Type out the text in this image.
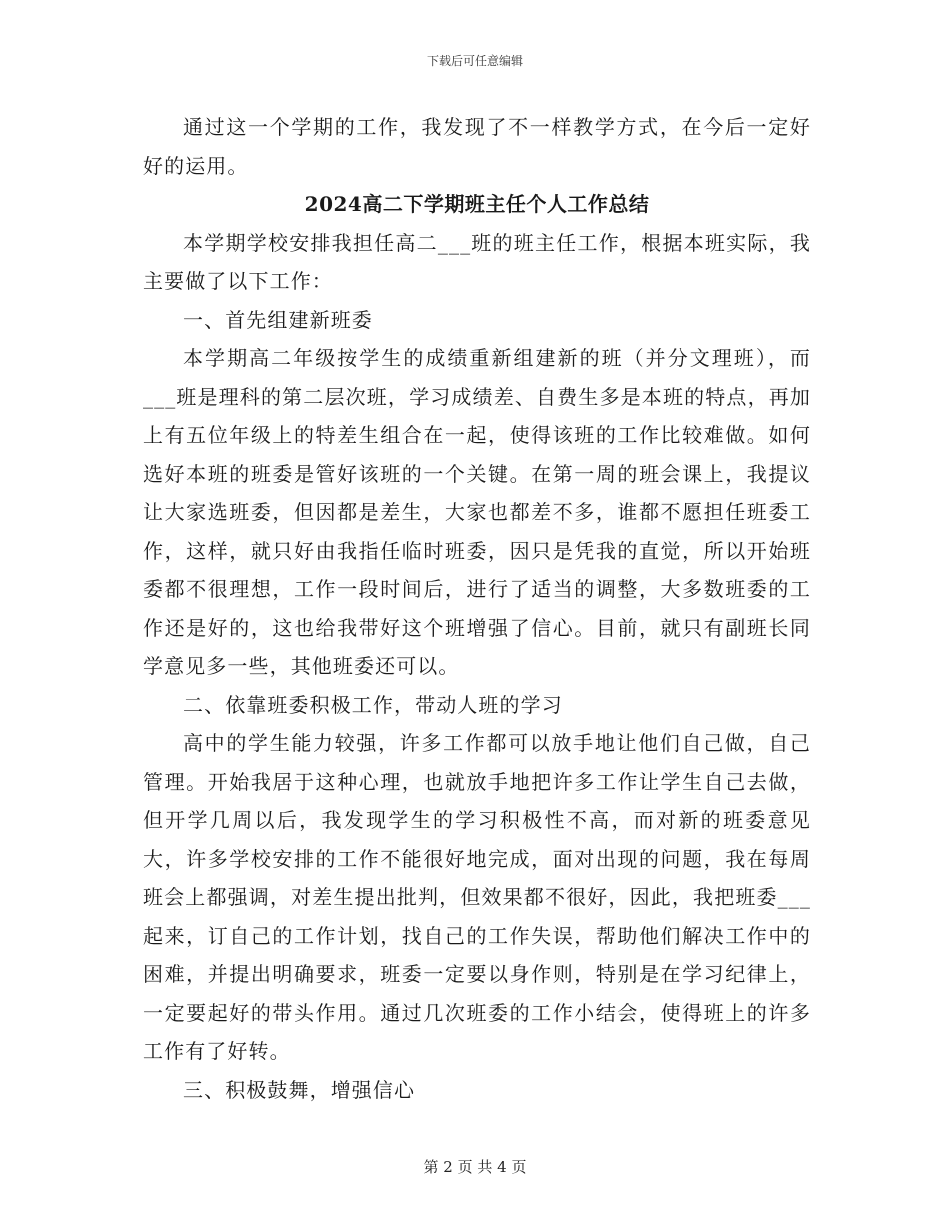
下载后可任意编辑

通过这一个学期的工作，我发现了不一样教学方式，在今后一定好好的运用。

2024高二下学期班主任个人工作总结

本学期学校安排我担任高二___班的班主任工作，根据本班实际，我主要做了以下工作：

一、首先组建新班委

本学期高二年级按学生的成绩重新组建新的班（并分文理班），而___班是理科的第二层次班，学习成绩差、自费生多是本班的特点，再加上有五位年级上的特差生组合在一起，使得该班的工作比较难做。如何选好本班的班委是管好该班的一个关键。在第一周的班会课上，我提议让大家选班委，但因都是差生，大家也都差不多，谁都不愿担任班委工作，这样，就只好由我指任临时班委，因只是凭我的直觉，所以开始班委都不很理想，工作一段时间后，进行了适当的调整，大多数班委的工作还是好的，这也给我带好这个班增强了信心。目前，就只有副班长同学意见多一些，其他班委还可以。

二、依靠班委积极工作，带动人班的学习

高中的学生能力较强，许多工作都可以放手地让他们自己做，自己管理。开始我居于这种心理，也就放手地把许多工作让学生自己去做，但开学几周以后，我发现学生的学习积极性不高，而对新的班委意见大，许多学校安排的工作不能很好地完成，面对出现的问题，我在每周班会上都强调，对差生提出批判，但效果都不很好，因此，我把班委___起来，订自己的工作计划，找自己的工作失误，帮助他们解决工作中的困难，并提出明确要求，班委一定要以身作则，特别是在学习纪律上，一定要起好的带头作用。通过几次班委的工作小结会，使得班上的许多工作有了好转。

三、积极鼓舞，增强信心

第 2 页 共 4 页
